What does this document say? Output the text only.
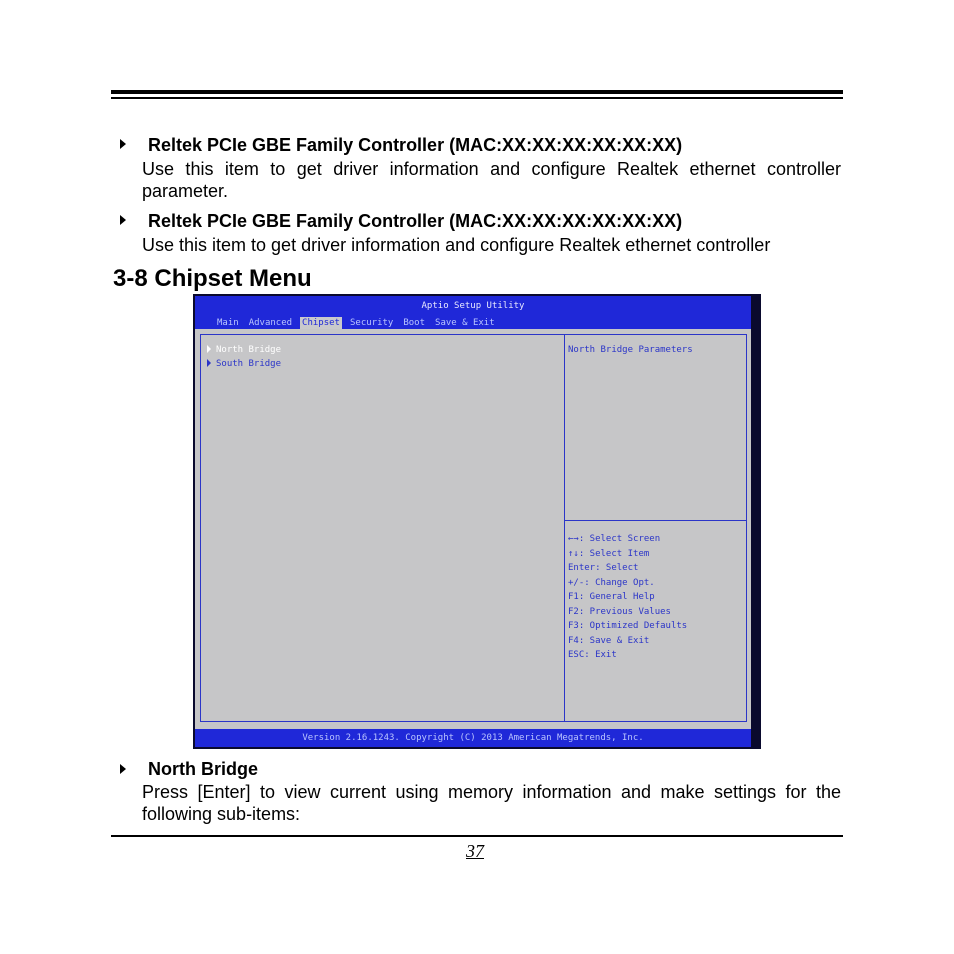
Reltek PCIe GBE Family Controller (MAC:XX:XX:XX:XX:XX:XX)
Use this item to get driver information and configure Realtek ethernet controller
parameter.
Reltek PCIe GBE Family Controller (MAC:XX:XX:XX:XX:XX:XX)
Use this item to get driver information and configure Realtek ethernet controller
3-8 Chipset Menu
Aptio Setup Utility
Main Advanced Chipset Security Boot Save & Exit
North Bridge
South Bridge
North Bridge Parameters
←→: Select Screen
↑↓: Select Item
Enter: Select
+/-: Change Opt.
F1: General Help
F2: Previous Values
F3: Optimized Defaults
F4: Save & Exit
ESC: Exit
Version 2.16.1243. Copyright (C) 2013 American Megatrends, Inc.
North Bridge
Press [Enter] to view current using memory information and make settings for the
following sub-items:
37
